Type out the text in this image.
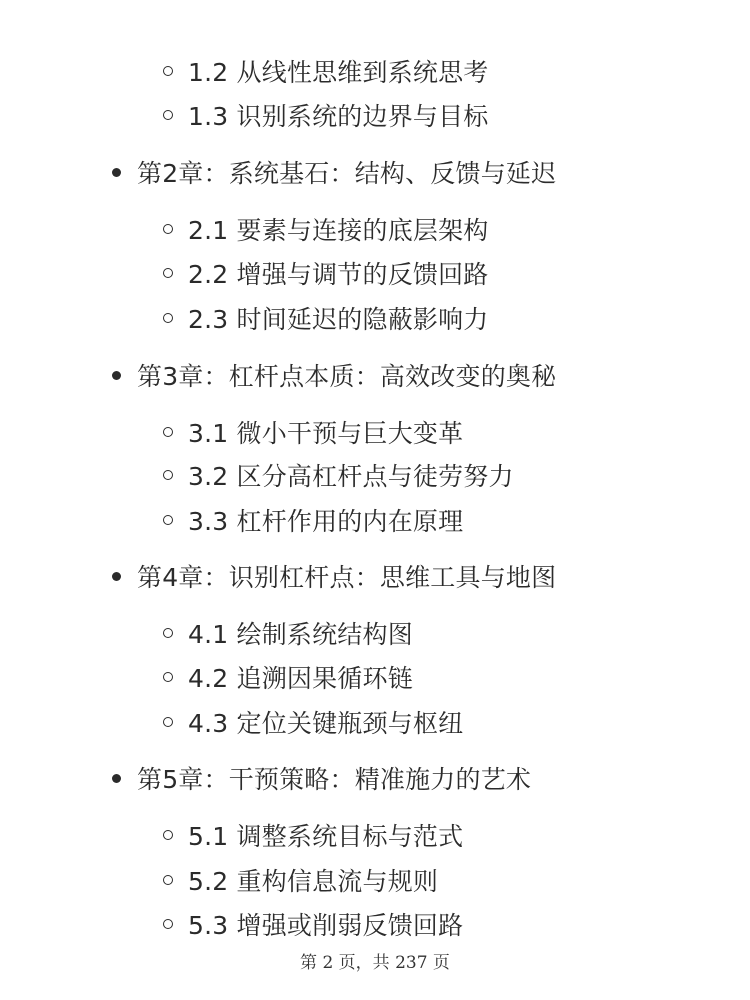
1.2 从线性思维到系统思考
1.3 识别系统的边界与目标
第2章：系统基石：结构、反馈与延迟
2.1 要素与连接的底层架构
2.2 增强与调节的反馈回路
2.3 时间延迟的隐蔽影响力
第3章：杠杆点本质：高效改变的奥秘
3.1 微小干预与巨大变革
3.2 区分高杠杆点与徒劳努力
3.3 杠杆作用的内在原理
第4章：识别杠杆点：思维工具与地图
4.1 绘制系统结构图
4.2 追溯因果循环链
4.3 定位关键瓶颈与枢纽
第5章：干预策略：精准施力的艺术
5.1 调整系统目标与范式
5.2 重构信息流与规则
5.3 增强或削弱反馈回路
第 2 页，共 237 页
